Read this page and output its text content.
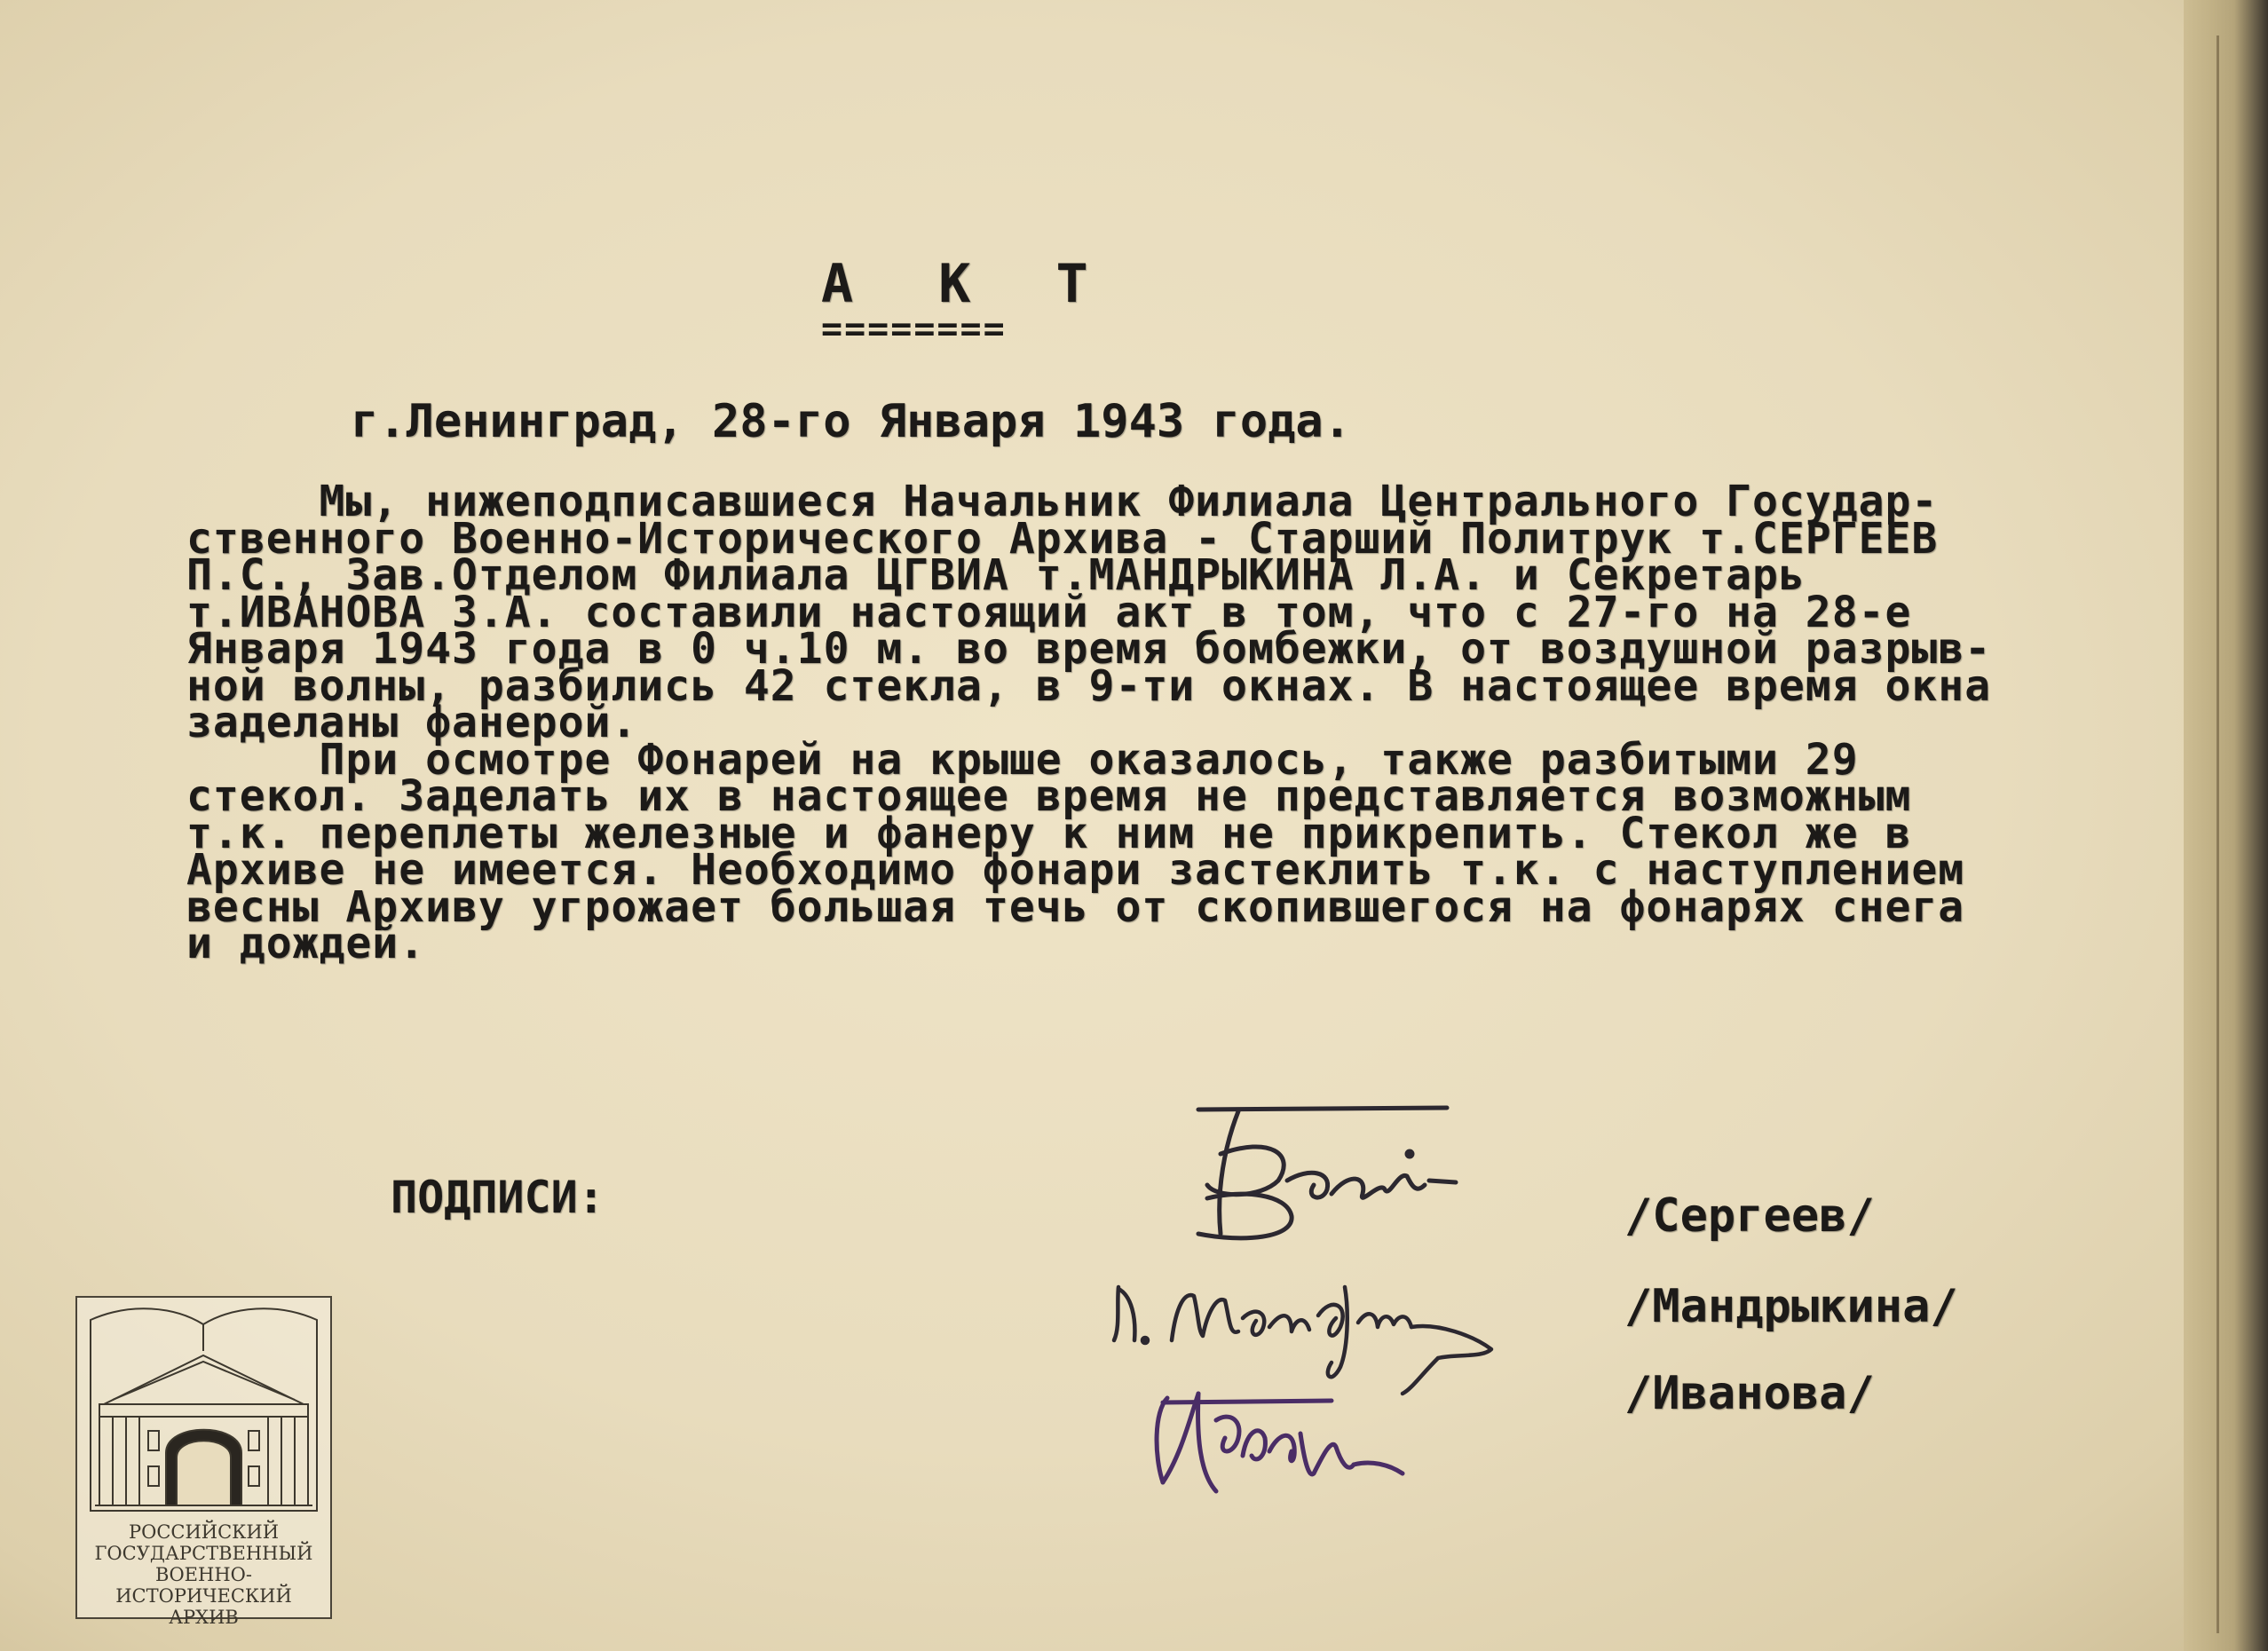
А К Т
========
г.Ленинград, 28-го Января 1943 года.
Мы, нижеподписавшиеся Начальник Филиала Центрального Государ-
ственного Военно-Исторического Архива - Старший Политрук т.СЕРГЕЕВ
П.С., Зав.Отделом Филиала ЦГВИА т.МАНДРЫКИНА Л.А. и Секретарь
т.ИВАНОВА З.А. составили настоящий акт в том, что с 27-го на 28-е
Января 1943 года в 0 ч.10 м. во время бомбежки, от воздушной разрыв-
ной волны, разбились 42 стекла, в 9-ти окнах. В настоящее время окна
заделаны фанерой.
При осмотре Фонарей на крыше оказалось, также разбитыми 29
стекол. Заделать их в настоящее время не представляется возможным
т.к. переплеты железные и фанеру к ним не прикрепить. Стекол же в
Архиве не имеется. Необходимо фонари застеклить т.к. с наступлением
весны Архиву угрожает большая течь от скопившегося на фонарях снега
и дождей.
ПОДПИСИ:	/Сергеев/
/Мандрыкина/
/Иванова/
РОССИЙСКИЙ
ГОСУДАРСТВЕННЫЙ
ВОЕННО-ИСТОРИЧЕСКИЙ
АРХИВ
